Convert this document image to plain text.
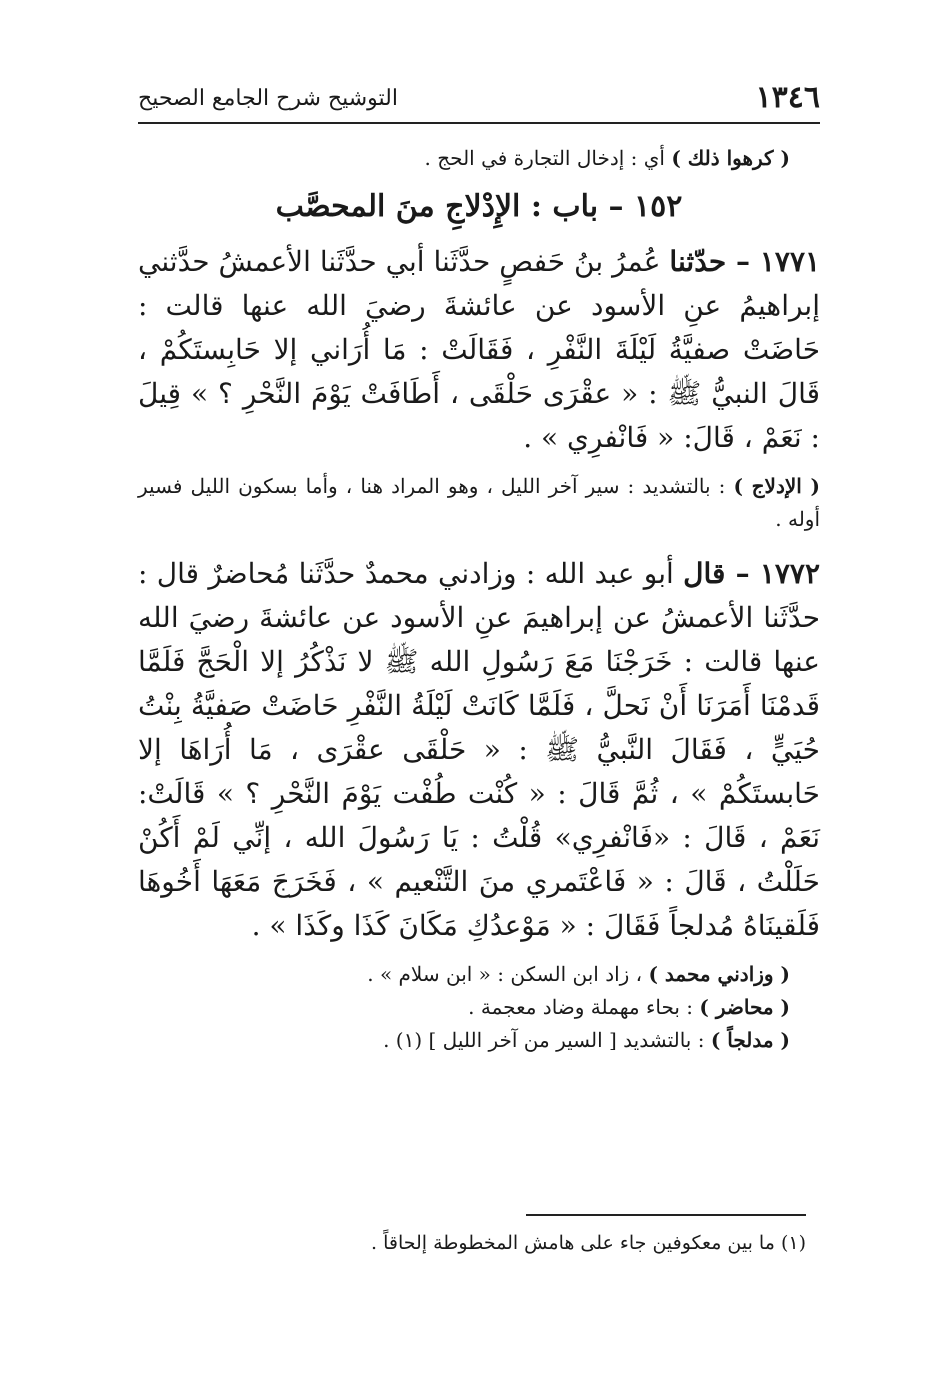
١٣٤٦
التوشيح شرح الجامع الصحيح

( كرهوا ذلك ) أي : إدخال التجارة في الحج .

١٥٢ – باب : الإِدْلاجِ منَ المحصَّب

١٧٧١ – حدّثنا عُمرُ بنُ حَفصٍ حدَّثَنا أبي حدَّثَنا الأعمشُ حدَّثني إبراهيمُ عنِ الأسود عن عائشةَ رضيَ الله عنها قالت : حَاضَتْ صفيَّةُ لَيْلَةَ النَّفْرِ ، فَقَالَتْ : مَا أُرَاني إلا حَابِستَكُمْ ، قَالَ النبيُّ ﷺ : « عقْرَى حَلْقَى ، أَطَافَتْ يَوْمَ النَّحْرِ ؟ » قِيلَ : نَعَمْ ، قَالَ: « فَانْفرِي » .

( الإدلاج ) : بالتشديد : سير آخر الليل ، وهو المراد هنا ، وأما بسكون الليل فسير أوله .

١٧٧٢ – قال أبو عبد الله : وزادني محمدٌ حدَّثَنا مُحاضرٌ قال : حدَّثَنا الأعمشُ عن إبراهيمَ عنِ الأسود عن عائشةَ رضيَ الله عنها قالت : خَرَجْنَا مَعَ رَسُولِ الله ﷺ لا نَذْكُرُ إلا الْحَجَّ فَلَمَّا قَدمْنَا أَمَرَنَا أَنْ نَحلَّ ، فَلَمَّا كَانَتْ لَيْلَةُ النَّفْرِ حَاضَتْ صَفيَّةُ بِنْتُ حُيَيٍّ ، فَقَالَ النَّبيُّ ﷺ : « حَلْقَى عقْرَى ، مَا أُرَاهَا إلا حَابستَكُمْ » ، ثُمَّ قَالَ : « كُنْت طُفْت يَوْمَ النَّحْرِ ؟ » قَالَتْ: نَعَمْ ، قَالَ : «فَانْفرِي» قُلْتُ : يَا رَسُولَ الله ، إنِّي لَمْ أَكُنْ حَلَلْتُ ، قَالَ : « فَاعْتَمري منَ التَّنْعيم » ، فَخَرَجَ مَعَهَا أَخُوهَا فَلَقينَاهُ مُدلجاً فَقَالَ : « مَوْعدُكِ مَكَانَ كَذَا وكَذَا » .

( وزادني محمد ) ، زاد ابن السكن : « ابن سلام » .

( محاضر ) : بحاء مهملة وضاد معجمة .

( مدلجاً ) : بالتشديد [ السير من آخر الليل ] (١) .

(١) ما بين معكوفين جاء على هامش المخطوطة إلحاقاً .
